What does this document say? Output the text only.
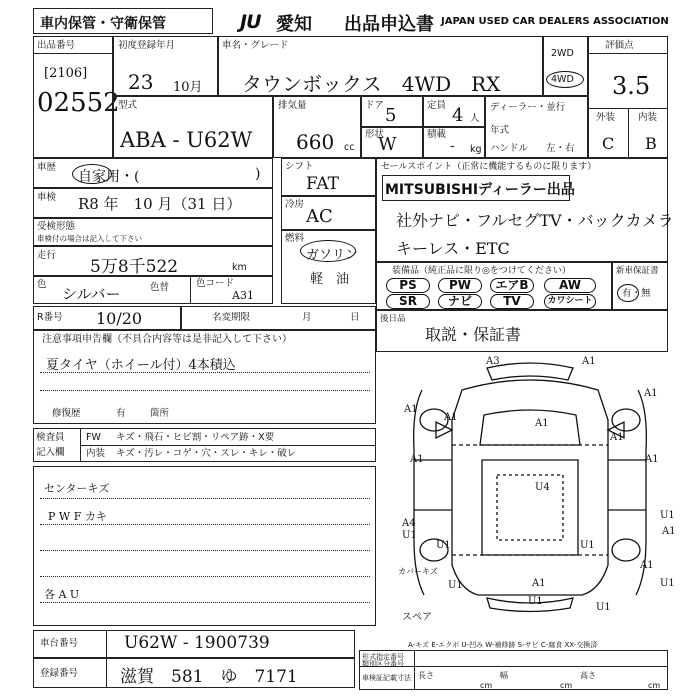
車内保管・守衛保管	JU 愛知 出品申込書 JAPAN USED CAR DEALERS ASSOCIATION
出品番号
[2106]
02552
初度登録年月
23 10月
車名・グレード
タウンボックス　4WD　RX
2WD
4WD
評価点
3.5
外装 内装
C B
型式
ABA - U62W
排気量
660 cc
ドア 5	定員 4 人
形状
W	積載
- kg
ディーラー・並行
年式
ハンドル 左・右
車歴
自家用・(	)
車検 R8 年　10 月（31 日）
受検形態
車検付の場合は記入して下さい
走行
5万8千522	km
色
シルバー	色替	色コード
A31
シフト
FAT
冷房
AC
燃料
ガソリン
軽　油
セールスポイント（正常に機能するものに限ります）
MITSUBISHIディーラー出品
社外ナビ・フルセグTV・バックカメラ
キーレス・ETC
装備品（純正品に限り◎をつけてください）
PS	PW	エアB	AW
SR	ナビ	TV	カワシート
新車保証書
有・無
R番号 10/20	名変期限	月	日
注意事項申告欄（不具合内容等は是非記入して下さい）
夏タイヤ（ホイール付）4本積込
修復歴	有	箇所
後日品
取説・保証書
検査員
記入欄
FW キズ・飛石・ヒビ割・リペア跡・X要
内装 キズ・汚レ・コゲ・穴・スレ・キレ・破レ
センターキズ
P W F カキ
各 A U
A3	A1
A1
A1
A1
U4
A1	A1
A1
A1
A4
U1
U1	U1
U1
A1
A1
A1
U1
U1
U1
カバーキズ
スペア
U1
A-キズ E-エクボ U-凹み W-補修跡 S-サビ C-腐食 XX-交換済
車台番号	U62W - 1900739
登録番号 滋賀　581　ゆ　7171
形式指定番号
類別区分番号
車検証記載寸法 長さ
cm
幅
cm
高さ
cm
